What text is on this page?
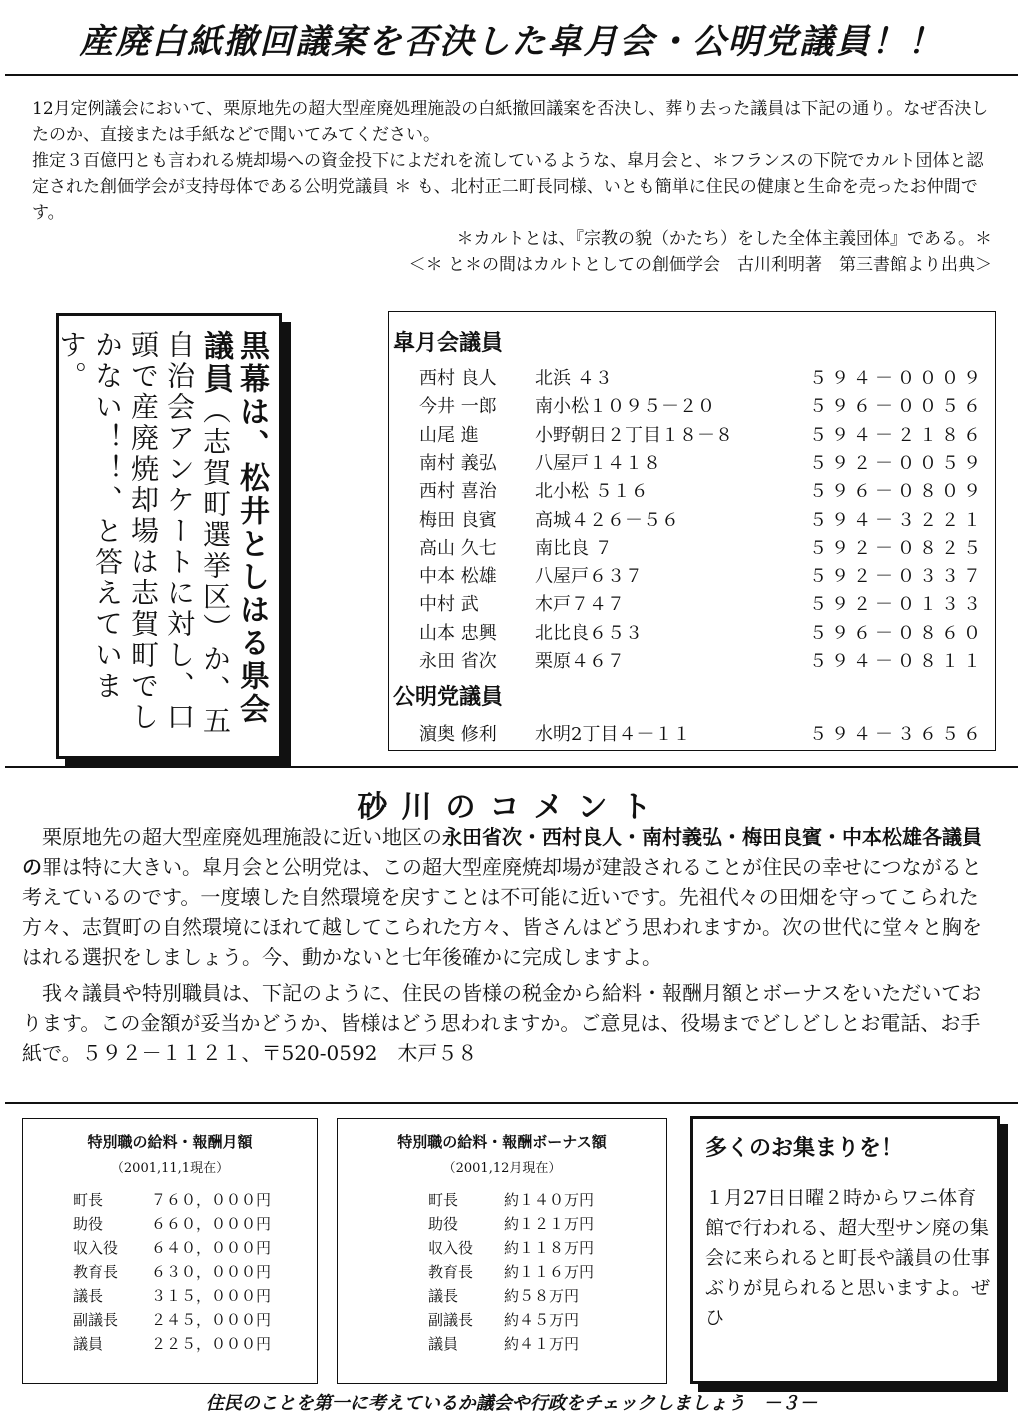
産廃白紙撤回議案を否決した皐月会・公明党議員！！

12月定例議会において、栗原地先の超大型産廃処理施設の白紙撤回議案を否決し、葬り去った議員は下記の通り。なぜ否決したのか、直接または手紙などで聞いてみてください。

推定３百億円とも言われる焼却場への資金投下によだれを流しているような、皐月会と、＊フランスの下院でカルト団体と認定された創価学会が支持母体である公明党議員 ＊ も、北村正二町長同様、いとも簡単に住民の健康と生命を売ったお仲間です。

＊カルトとは、『宗教の貌（かたち）をした全体主義団体』である。＊

＜＊ と＊の間はカルトとしての創価学会　古川利明著　第三書館より出典＞

黒幕は、松井としはる県会議員（志賀町選挙区）か、五自治会アンケートに対し、口頭で産廃焼却場は志賀町でしかない！！、と答えています。	皐月会議員
西村 良人 北浜 ４３	５９４－０００９
今井 一郎 南小松１０９５－２０	５９６－００５６
山尾 進	小野朝日２丁目１８－８	５９４－２１８６
南村 義弘 八屋戸１４１８	５９２－００５９
西村 喜治 北小松 ５１６	５９６－０８０９
梅田 良賓 高城４２６－５６	５９４－３２２１
高山 久七 南比良 ７	５９２－０８２５
中本 松雄 八屋戸６３７	５９２－０３３７
中村 武	木戸７４７	５９２－０１３３
山本 忠興 北比良６５３	５９６－０８６０
永田 省次 栗原４６７	５９４－０８１１
公明党議員
濵奥 修利 水明2丁目４－１１	５９４－３６５６
砂川のコメント

栗原地先の超大型産廃処理施設に近い地区の永田省次・西村良人・南村義弘・梅田良賓・中本松雄各議員の罪は特に大きい。皐月会と公明党は、この超大型産廃焼却場が建設されることが住民の幸せにつながると考えているのです。一度壊した自然環境を戻すことは不可能に近いです。先祖代々の田畑を守ってこられた方々、志賀町の自然環境にほれて越してこられた方々、皆さんはどう思われますか。次の世代に堂々と胸をはれる選択をしましょう。今、動かないと七年後確かに完成しますよ。

我々議員や特別職員は、下記のように、住民の皆様の税金から給料・報酬月額とボーナスをいただいております。この金額が妥当かどうか、皆様はどう思われますか。ご意見は、役場までどしどしとお電話、お手紙で。５９２－１１２１、〒520-0592　木戸５８

特別職の給料・報酬月額
（2001,11,1現在）
町長	７６０，０００円
助役	６６０，０００円
収入役 ６４０，０００円
教育長 ６３０，０００円
議長	３１５，０００円
副議長 ２４５，０００円
議員	２２５，０００円
特別職の給料・報酬ボーナス額
（2001,12月現在）
町長	約１４０万円
助役	約１２１万円
収入役 約１１８万円
教育長 約１１６万円
議長	約５８万円
副議長 約４５万円
議員	約４１万円
多くのお集まりを！

１月27日日曜２時からワニ体育館で行われる、超大型サン廃の集会に来られると町長や議員の仕事ぶりが見られると思いますよ。ぜひ

住民のことを第一に考えているか議会や行政をチェックしましょう　－３－
